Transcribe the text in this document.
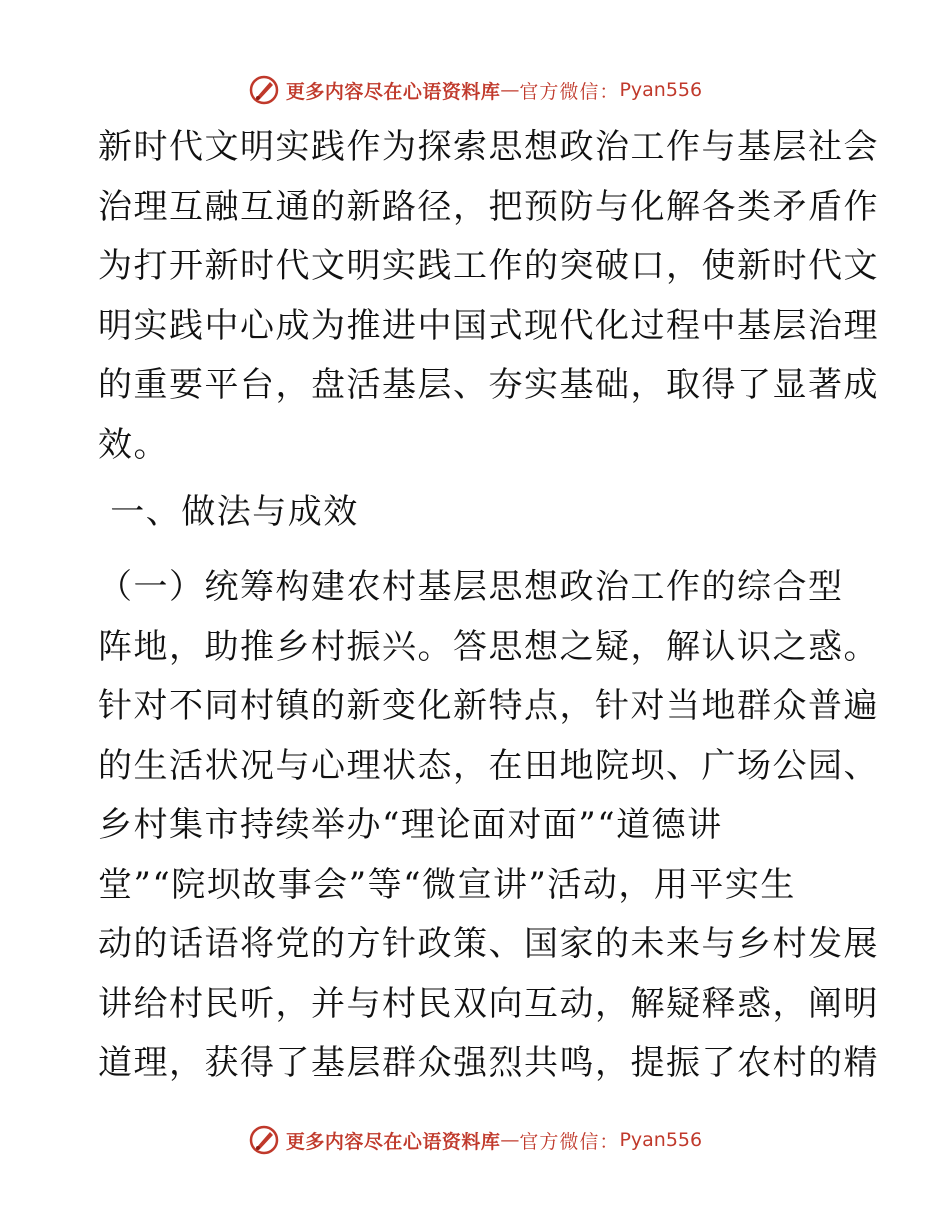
更多内容尽在心语资料库 — 官方微信： Pyan556
新时代文明实践作为探索思想政治工作与基层社会
治理互融互通的新路径，把预防与化解各类矛盾作
为打开新时代文明实践工作的突破口，使新时代文
明实践中心成为推进中国式现代化过程中基层治理
的重要平台，盘活基层、夯实基础，取得了显著成
效。
一、做法与成效
（一）统筹构建农村基层思想政治工作的综合型
阵地，助推乡村振兴。答思想之疑，解认识之惑。
针对不同村镇的新变化新特点，针对当地群众普遍
的生活状况与心理状态，在田地院坝、广场公园、
乡村集市持续举办“理论面对面”“道德讲
堂”“院坝故事会”等“微宣讲”活动，用平实生
动的话语将党的方针政策、国家的未来与乡村发展
讲给村民听，并与村民双向互动，解疑释惑，阐明
道理，获得了基层群众强烈共鸣，提振了农村的精
更多内容尽在心语资料库 — 官方微信： Pyan556
